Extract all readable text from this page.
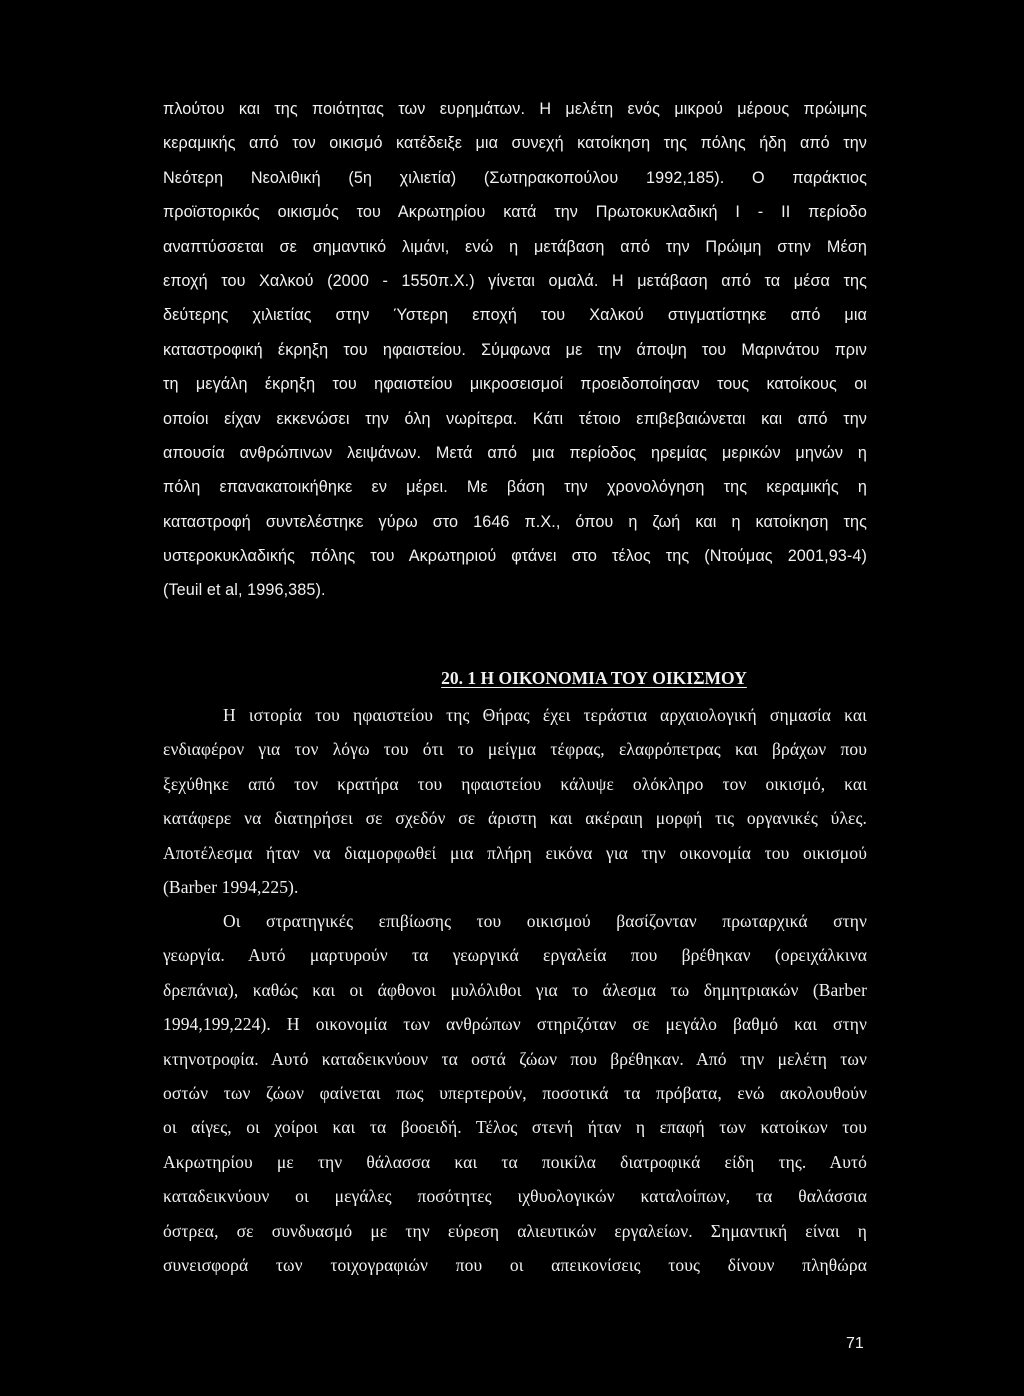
πλούτου και της ποιότητας των ευρημάτων. Η μελέτη ενός μικρού μέρους πρώιμης
κεραμικής από τον οικισμό κατέδειξε μια συνεχή κατοίκηση της πόλης ήδη από την
Νεότερη Νεολιθική (5η χιλιετία) (Σωτηρακοπούλου 1992,185). Ο παράκτιος
προϊστορικός οικισμός του Ακρωτηρίου κατά την Πρωτοκυκλαδική Ι - ΙΙ περίοδο
αναπτύσσεται σε σημαντικό λιμάνι, ενώ η μετάβαση από την Πρώιμη στην Μέση
εποχή του Χαλκού (2000 - 1550π.Χ.) γίνεται ομαλά. Η μετάβαση από τα μέσα της
δεύτερης χιλιετίας στην Ύστερη εποχή του Χαλκού στιγματίστηκε από μια
καταστροφική έκρηξη του ηφαιστείου. Σύμφωνα με την άποψη του Μαρινάτου πριν
τη μεγάλη έκρηξη του ηφαιστείου μικροσεισμοί προειδοποίησαν τους κατοίκους οι
οποίοι είχαν εκκενώσει την όλη νωρίτερα. Κάτι τέτοιο επιβεβαιώνεται και από την
απουσία ανθρώπινων λειψάνων. Μετά από μια περίοδος ηρεμίας μερικών μηνών η
πόλη επανακατοικήθηκε εν μέρει. Με βάση την χρονολόγηση της κεραμικής η
καταστροφή συντελέστηκε γύρω στο 1646 π.Χ., όπου η ζωή και η κατοίκηση της
υστεροκυκλαδικής πόλης του Ακρωτηριού φτάνει στο τέλος της (Ντούμας 2001,93-4)
(Teuil et al, 1996,385).
20. 1 Η ΟΙΚΟΝΟΜΙΑ ΤΟΥ ΟΙΚΙΣΜΟΥ
Η ιστορία του ηφαιστείου της Θήρας έχει τεράστια αρχαιολογική σημασία και
ενδιαφέρον για τον λόγω του ότι το μείγμα τέφρας, ελαφρόπετρας και βράχων που
ξεχύθηκε από τον κρατήρα του ηφαιστείου κάλυψε ολόκληρο τον οικισμό, και
κατάφερε να διατηρήσει σε σχεδόν σε άριστη και ακέραιη μορφή τις οργανικές ύλες.
Αποτέλεσμα ήταν να διαμορφωθεί μια πλήρη εικόνα για την οικονομία του οικισμού
(Barber 1994,225).
Οι στρατηγικές επιβίωσης του οικισμού βασίζονταν πρωταρχικά στην
γεωργία. Αυτό μαρτυρούν τα γεωργικά εργαλεία που βρέθηκαν (ορειχάλκινα
δρεπάνια), καθώς και οι άφθονοι μυλόλιθοι για το άλεσμα τω δημητριακών (Barber
1994,199,224). Η οικονομία των ανθρώπων στηριζόταν σε μεγάλο βαθμό και στην
κτηνοτροφία. Αυτό καταδεικνύουν τα οστά ζώων που βρέθηκαν. Από την μελέτη των
οστών των ζώων φαίνεται πως υπερτερούν, ποσοτικά τα πρόβατα, ενώ ακολουθούν
οι αίγες, οι χοίροι και τα βοοειδή. Τέλος στενή ήταν η επαφή των κατοίκων του
Ακρωτηρίου με την θάλασσα και τα ποικίλα διατροφικά είδη της. Αυτό
καταδεικνύουν οι μεγάλες ποσότητες ιχθυολογικών καταλοίπων, τα θαλάσσια
όστρεα, σε συνδυασμό με την εύρεση αλιευτικών εργαλείων. Σημαντική είναι η
συνεισφορά των τοιχογραφιών που οι απεικονίσεις τους δίνουν πληθώρα
71
